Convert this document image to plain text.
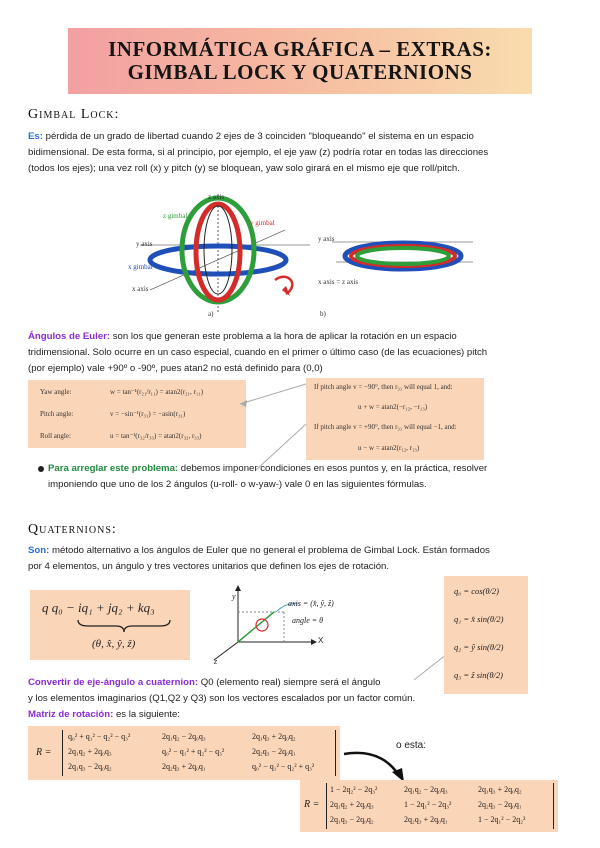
INFORMÁTICA GRÁFICA – EXTRAS:
GIMBAL LOCK Y QUATERNIONS
Gimbal Lock:
Es: pérdida de un grado de libertad cuando 2 ejes de 3 coinciden "bloqueando" el sistema en un espacio
bidimensional. De esta forma, si al principio, por ejemplo, el eje yaw (z) podría rotar en todas las direcciones
(todos los ejes); una vez roll (x) y pitch (y) se bloquean, yaw solo girará en el mismo eje que roll/pitch.
z axis
z gimbal
y gimbal
y axis
x gimbal
x axis
a)
y axis
x axis = z axis
b)
Ángulos de Euler: son los que generan este problema a la hora de aplicar la rotación en un espacio
tridimensional. Solo ocurre en un caso especial, cuando en el primer o último caso (de las ecuaciones) pitch
(por ejemplo) vale +90º o -90º, pues atan2 no está definido para (0,0)
Yaw angle:	w = tan⁻¹(r₂₁/r₁₁) = atan2(r₂₁, r₁₁)
Pitch angle:	v = −sin⁻¹(r₃₁) = −asin(r₃₁)
Roll angle:	u = tan⁻¹(r₃₂/r₃₃) = atan2(r₃₂, r₃₃)
If pitch angle v = −90°, then r₃₁ will equal 1, and:
u + w = atan2(−r₁₂, −r₁₃)
If pitch angle v = +90°, then r₃₁ will equal −1, and:
u − w = atan2(r₁₂, r₁₃)
Para arreglar este problema: debemos imponer condiciones en esos puntos y, en la práctica, resolver
imponiendo que uno de los 2 ángulos (u-roll- o w-yaw-) vale 0 en las siguientes fórmulas.
Quaternions:
Son: método alternativo a los ángulos de Euler que no general el problema de Gimbal Lock. Están formados
por 4 elementos, un ángulo y tres vectores unitarios que definen los ejes de rotación.
q q₀ − iq₁ + jq₂ + kq₃
(θ, x̂, ŷ, ẑ)
y
axis = (x̂, ŷ, ẑ)
angle = θ
X
z
q₀ = cos(θ/2)
q₁ = x̂ sin(θ/2)
q₂ = ŷ sin(θ/2)
q₃ = ẑ sin(θ/2)
Convertir de eje-ángulo a cuaternion: Q0 (elemento real) siempre será el ángulo
y los elementos imaginarios (Q1,Q2 y Q3) son los vectores escalados por un factor común.
Matriz de rotación: es la siguiente:
R =
q₀² + q₁² − q₂² − q₃²	2q₁q₂ − 2q₀q₃	2q₁q₃ + 2q₀q₂
2q₁q₂ + 2q₀q₃	q₀² − q₁² + q₂² − q₃²	2q₂q₃ − 2q₀q₁
2q₁q₃ − 2q₀q₂	2q₂q₃ + 2q₀q₁	q₀² − q₁² − q₂² + q₃²
o esta:
R =
1 − 2q₂² − 2q₃²	2q₁q₂ − 2q₀q₃	2q₁q₃ + 2q₀q₂
2q₁q₂ + 2q₀q₃	1 − 2q₁² − 2q₃²	2q₂q₃ − 2q₀q₁
2q₁q₃ − 2q₀q₂	2q₂q₃ + 2q₀q₁	1 − 2q₁² − 2q₂²
